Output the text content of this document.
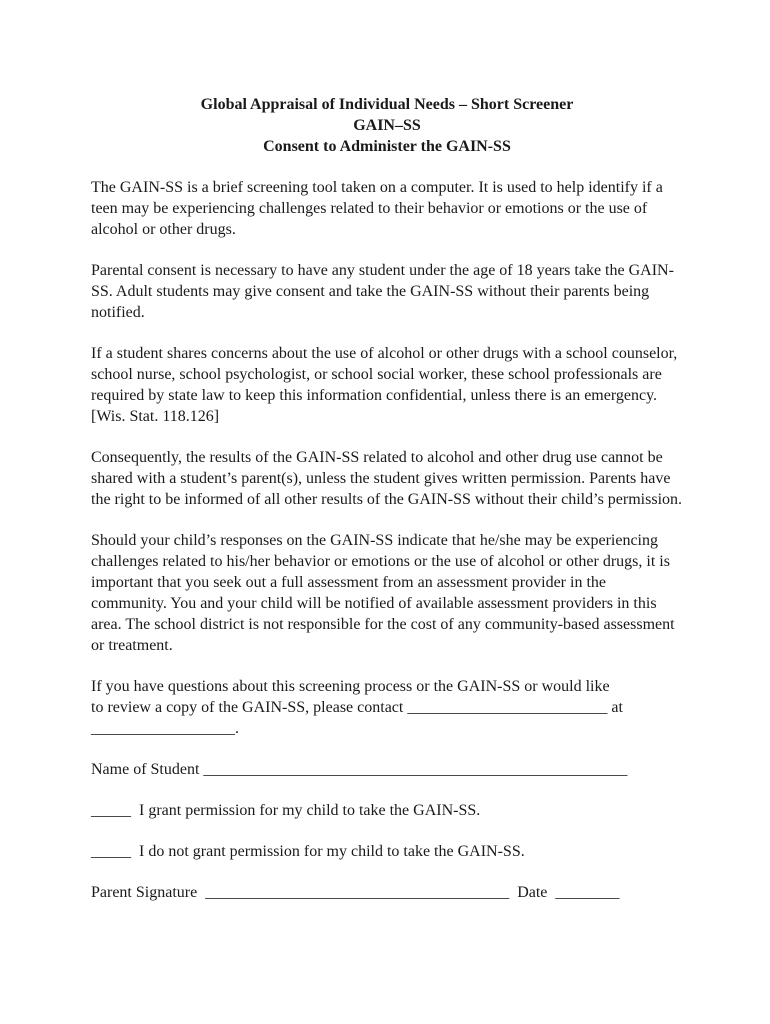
Global Appraisal of Individual Needs – Short Screener
GAIN–SS
Consent to Administer the GAIN-SS

The GAIN-SS is a brief screening tool taken on a computer. It is used to help identify if a teen may be experiencing challenges related to their behavior or emotions or the use of alcohol or other drugs.

Parental consent is necessary to have any student under the age of 18 years take the GAIN-SS. Adult students may give consent and take the GAIN-SS without their parents being notified.

If a student shares concerns about the use of alcohol or other drugs with a school counselor, school nurse, school psychologist, or school social worker, these school professionals are required by state law to keep this information confidential, unless there is an emergency. [Wis. Stat. 118.126]

Consequently, the results of the GAIN-SS related to alcohol and other drug use cannot be shared with a student’s parent(s), unless the student gives written permission. Parents have the right to be informed of all other results of the GAIN-SS without their child’s permission.

Should your child’s responses on the GAIN-SS indicate that he/she may be experiencing challenges related to his/her behavior or emotions or the use of alcohol or other drugs, it is important that you seek out a full assessment from an assessment provider in the community. You and your child will be notified of available assessment providers in this area. The school district is not responsible for the cost of any community-based assessment or treatment.

If you have questions about this screening process or the GAIN-SS or would like
to review a copy of the GAIN-SS, please contact _________________________ at
__________________.

Name of Student _____________________________________________________
_____  I grant permission for my child to take the GAIN-SS.
_____  I do not grant permission for my child to take the GAIN-SS.
Parent Signature  ______________________________________  Date  ________
